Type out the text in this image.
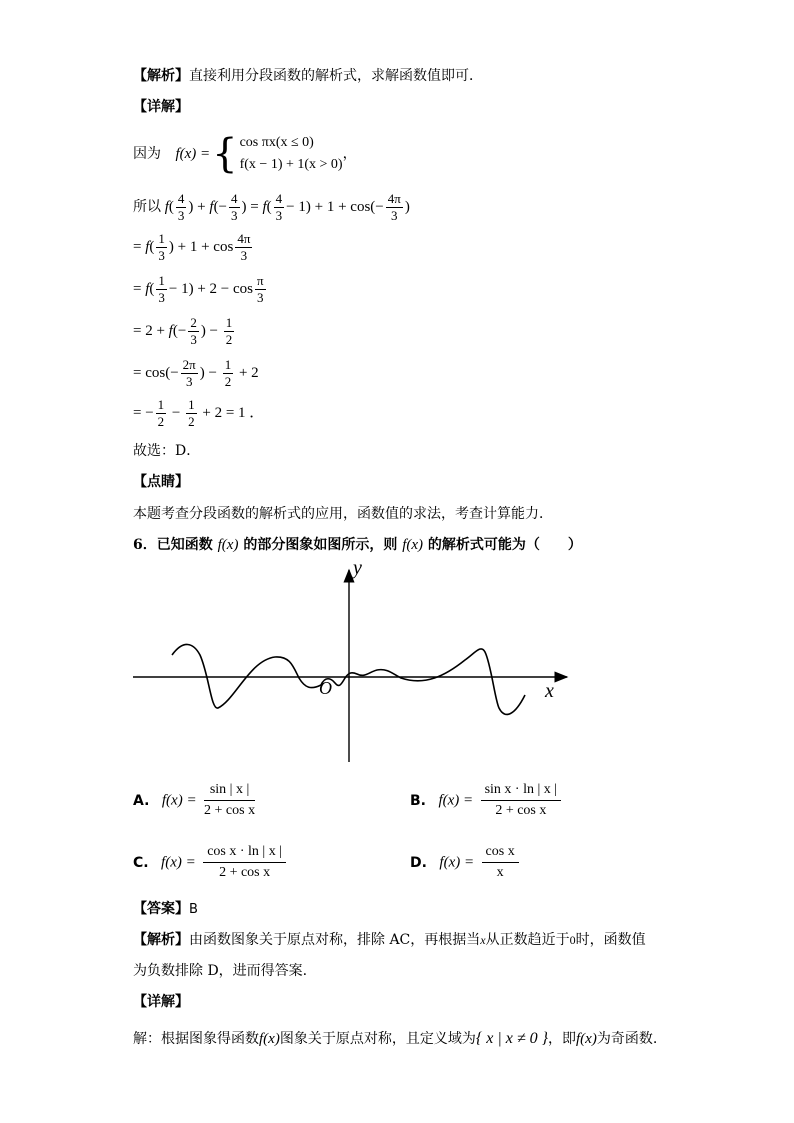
【解析】直接利用分段函数的解析式，求解函数值即可．
【详解】
因为 f(x) ={ cos πx(x ≤ 0)
f(x − 1) + 1(x > 0)
，
所以 $f( \frac{4}{3}$ ) + $f(- \frac{4}{3}$ ) = $f( \frac{4}{3} - 1) + 1 + \cos(- \frac{4\pi}{3}$ )
= $f( \frac{1}{3}$ ) + $1 + \cos \frac{4\pi}{3}$
= $f( \frac{1}{3} - 1) + 2 - \cos \frac{\pi}{3}$
= $2 + f(- \frac{2}{3}$ ) − $\frac{1}{2}$
= $\cos(- \frac{2\pi}{3}$ ) − $\frac{1}{2} + 2$
= − $\frac{1}{2} - \frac{1}{2} + 2 = 1$ ．
故选：D．
【点睛】
本题考查分段函数的解析式的应用，函数值的求法，考查计算能力．
6．已知函数 f(x) 的部分图象如图所示，则 f(x) 的解析式可能为（　　）
y
x
O
A. $f(x) = \frac{\sin | x |}{\text{2 + cos x}}$	B. $f(x) = \frac{\text{sin x · ln | x |}}{\text{2 + cos x}}$
C. $f(x) = \frac{\text{cos x · ln | x |}}{\text{2 + cos x}}$	D. $f(x) = \frac{\text{cos x}}{x}$
【答案】B
【解析】由函数图象关于原点对称，排除 AC，再根据当x从正数趋近于0时，函数值
为负数排除 D，进而得答案.
【详解】
解：根据图象得函数f(x)图象关于原点对称，且定义域为{ x | x ≠ 0 }，即f(x)为奇函数.
